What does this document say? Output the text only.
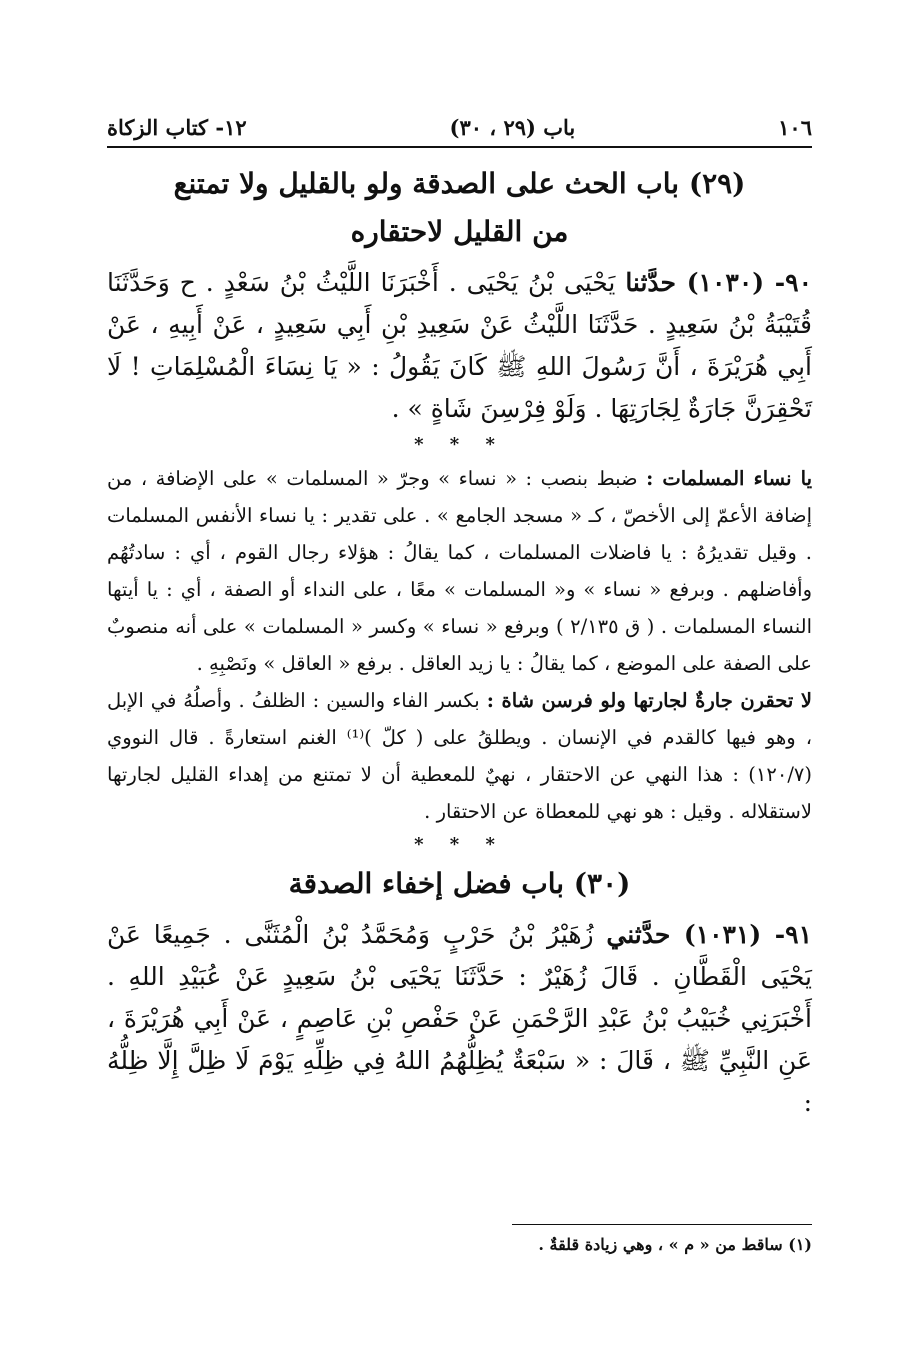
١٠٦
باب (٢٩ ، ٣٠)
١٢- كتاب الزكاة
(٢٩) باب الحث على الصدقة ولو بالقليل ولا تمتنع
من القليل لاحتقاره

٩٠- (١٠٣٠) حدَّثنا يَحْيَى بْنُ يَحْيَى . أَخْبَرَنَا اللَّيْثُ بْنُ سَعْدٍ . ح وَحَدَّثَنَا قُتَيْبَةُ بْنُ سَعِيدٍ . حَدَّثَنَا اللَّيْثُ عَنْ سَعِيدِ بْنِ أَبِي سَعِيدٍ ، عَنْ أَبِيهِ ، عَنْ أَبِي هُرَيْرَةَ ، أَنَّ رَسُولَ اللهِ ﷺ كَانَ يَقُولُ : « يَا نِسَاءَ الْمُسْلِمَاتِ ! لَا تَحْقِرَنَّ جَارَةٌ لِجَارَتِهَا . وَلَوْ فِرْسِنَ شَاةٍ » .

* * *

يا نساء المسلمات : ضبط بنصب : « نساء » وجرّ « المسلمات » على الإضافة ، من إضافة الأعمّ إلى الأخصّ ، كـ « مسجد الجامع » . على تقدير : يا نساء الأنفس المسلمات . وقيل تقديرُهُ : يا فاضلات المسلمات ، كما يقالُ : هؤلاء رجال القوم ، أي : سادتُهُم وأفاضلهم . وبرفع « نساء » و« المسلمات » معًا ، على النداء أو الصفة ، أي : يا أيتها النساء المسلمات . ( ق ٢/١٣٥ ) وبرفع « نساء » وكسر « المسلمات » على أنه منصوبٌ على الصفة على الموضع ، كما يقالُ : يا زيد العاقل . برفع « العاقل » ونَصْبِهِ .

لا تحقرن جارةٌ لجارتها ولو فرسن شاة : بكسر الفاء والسين : الظلفُ . وأصلُهُ في الإبل ، وهو فيها كالقدم في الإنسان . ويطلقُ على ( كلّ )⁽¹⁾ الغنم استعارةً . قال النووي (١٢٠/٧) : هذا النهي عن الاحتقار ، نهيٌ للمعطية أن لا تمتنع من إهداء القليل لجارتها لاستقلاله . وقيل : هو نهي للمعطاة عن الاحتقار .

* * *
(٣٠) باب فضل إخفاء الصدقة

٩١- (١٠٣١) حدَّثني زُهَيْرُ بْنُ حَرْبٍ وَمُحَمَّدُ بْنُ الْمُثَنَّى . جَمِيعًا عَنْ يَحْيَى الْقَطَّانِ . قَالَ زُهَيْرٌ : حَدَّثَنَا يَحْيَى بْنُ سَعِيدٍ عَنْ عُبَيْدِ اللهِ . أَخْبَرَنِي خُبَيْبُ بْنُ عَبْدِ الرَّحْمَنِ عَنْ حَفْصِ بْنِ عَاصِمٍ ، عَنْ أَبِي هُرَيْرَةَ ، عَنِ النَّبِيِّ ﷺ ، قَالَ : « سَبْعَةٌ يُظِلُّهُمُ اللهُ فِي ظِلِّهِ يَوْمَ لَا ظِلَّ إِلَّا ظِلُّهُ :

(١) ساقط من « م » ، وهي زيادة قلقةٌ .
